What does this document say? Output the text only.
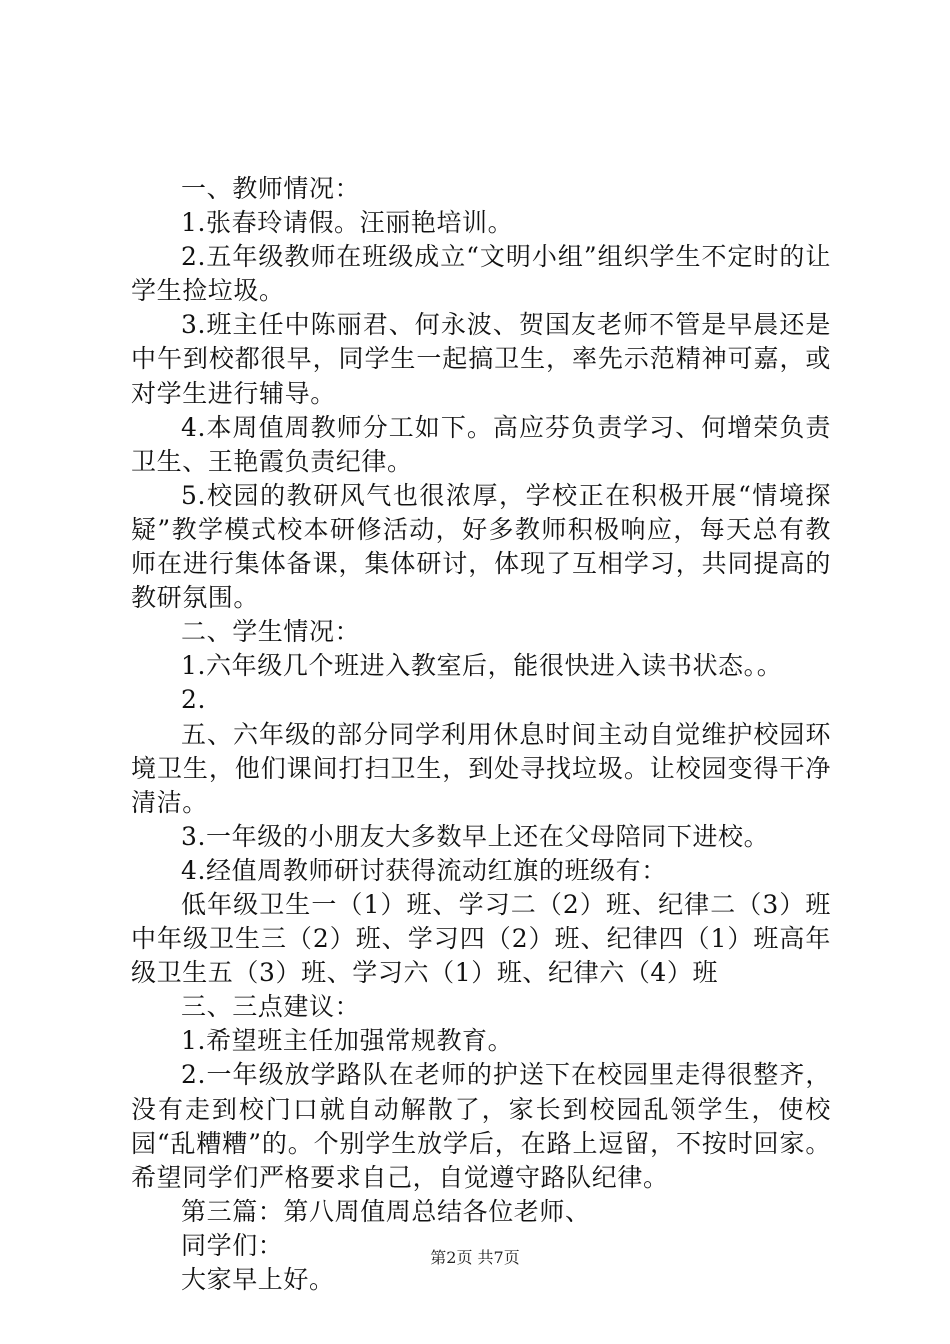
一、教师情况：

1.张春玲请假。汪丽艳培训。

2.五年级教师在班级成立“文明小组”组织学生不定时的让学生捡垃圾。

3.班主任中陈丽君、何永波、贺国友老师不管是早晨还是中午到校都很早，同学生一起搞卫生，率先示范精神可嘉，或对学生进行辅导。

4.本周值周教师分工如下。高应芬负责学习、何增荣负责卫生、王艳霞负责纪律。

5.校园的教研风气也很浓厚，学校正在积极开展“情境探疑”教学模式校本研修活动，好多教师积极响应，每天总有教师在进行集体备课，集体研讨，体现了互相学习，共同提高的教研氛围。

二、学生情况：

1.六年级几个班进入教室后，能很快进入读书状态。。

2.

五、六年级的部分同学利用休息时间主动自觉维护校园环境卫生，他们课间打扫卫生，到处寻找垃圾。让校园变得干净清洁。

3.一年级的小朋友大多数早上还在父母陪同下进校。

4.经值周教师研讨获得流动红旗的班级有：

低年级卫生一（1）班、学习二（2）班、纪律二（3）班中年级卫生三（2）班、学习四（2）班、纪律四（1）班高年级卫生五（3）班、学习六（1）班、纪律六（4）班

三、三点建议：

1.希望班主任加强常规教育。

2.一年级放学路队在老师的护送下在校园里走得很整齐，没有走到校门口就自动解散了，家长到校园乱领学生，使校园“乱糟糟”的。个别学生放学后，在路上逗留，不按时回家。希望同学们严格要求自己，自觉遵守路队纪律。

第三篇：第八周值周总结各位老师、

同学们：

大家早上好。

第2页 共7页
